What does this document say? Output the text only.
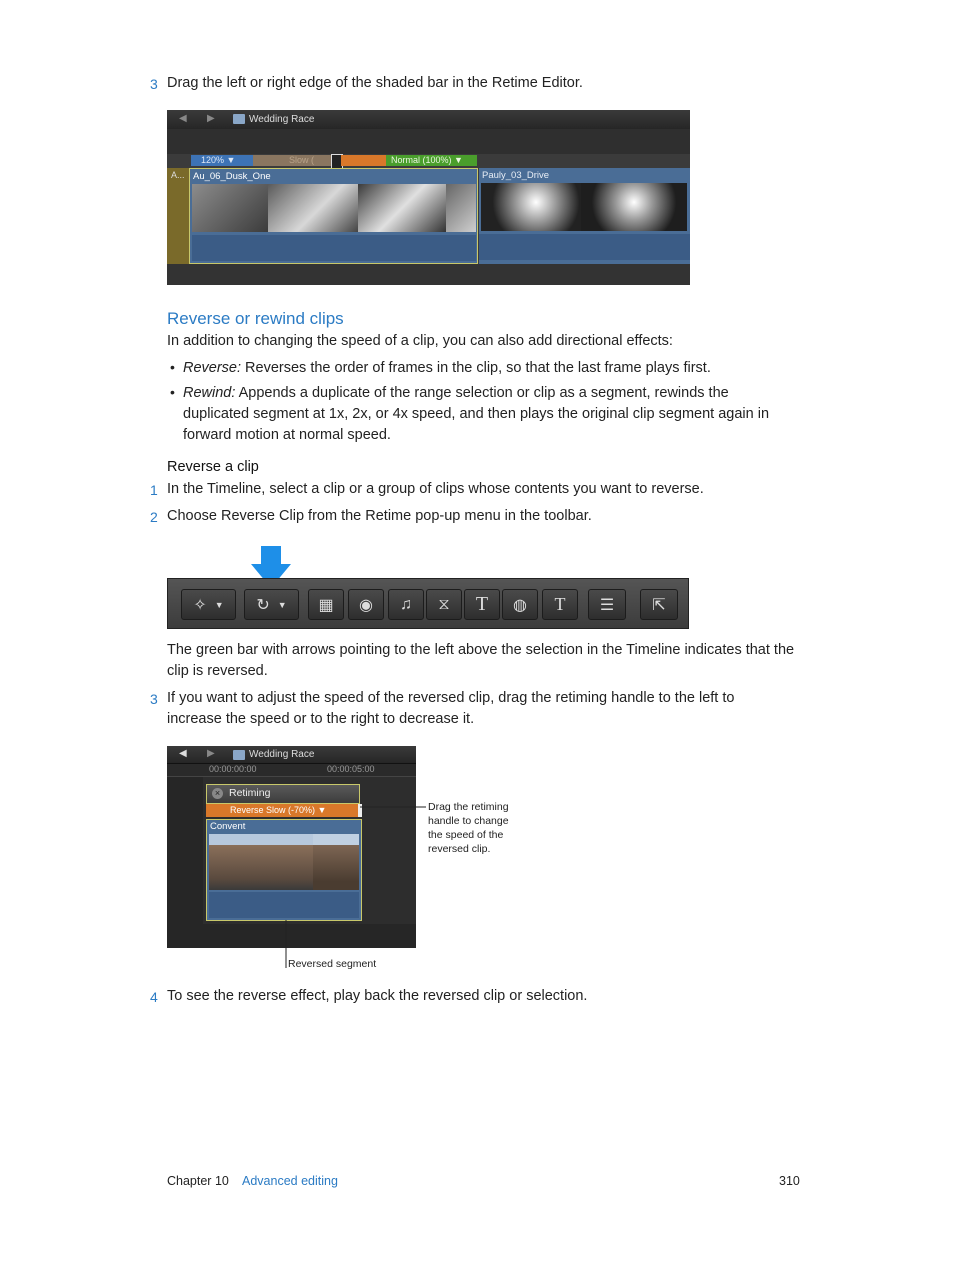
3 Drag the left or right edge of the shaded bar in the Retime Editor.
◀ ▶	Wedding Race
120% ▼	Slow (	Normal (100%) ▼
A... Au_06_Dusk_One	Pauly_03_Drive
Reverse or rewind clips
In addition to changing the speed of a clip, you can also add directional effects:
• Reverse: Reverses the order of frames in the clip, so that the last frame plays first.
• Rewind: Appends a duplicate of the range selection or clip as a segment, rewinds the duplicated segment at 1x, 2x, or 4x speed, and then plays the original clip segment again in forward motion at normal speed.
Reverse a clip
1 In the Timeline, select a clip or a group of clips whose contents you want to reverse.
2 Choose Reverse Clip from the Retime pop-up menu in the toolbar.
✧ ▼ ↻ ▼ ▦ ◉ ♫ ⧖ T ◍ T ☰ ⇱
The green bar with arrows pointing to the left above the selection in the Timeline indicates that the clip is reversed.
3 If you want to adjust the speed of the reversed clip, drag the retiming handle to the left to increase the speed or to the right to decrease it.
◀ ▶	Wedding Race
00:00:00:00	00:00:05:00
× Retiming
Reverse Slow (-70%) ▼
Convent
Drag the retiming handle to change the speed of the reversed clip.
Reversed segment
4 To see the reverse effect, play back the reversed clip or selection.
Chapter 10 Advanced editing	310
